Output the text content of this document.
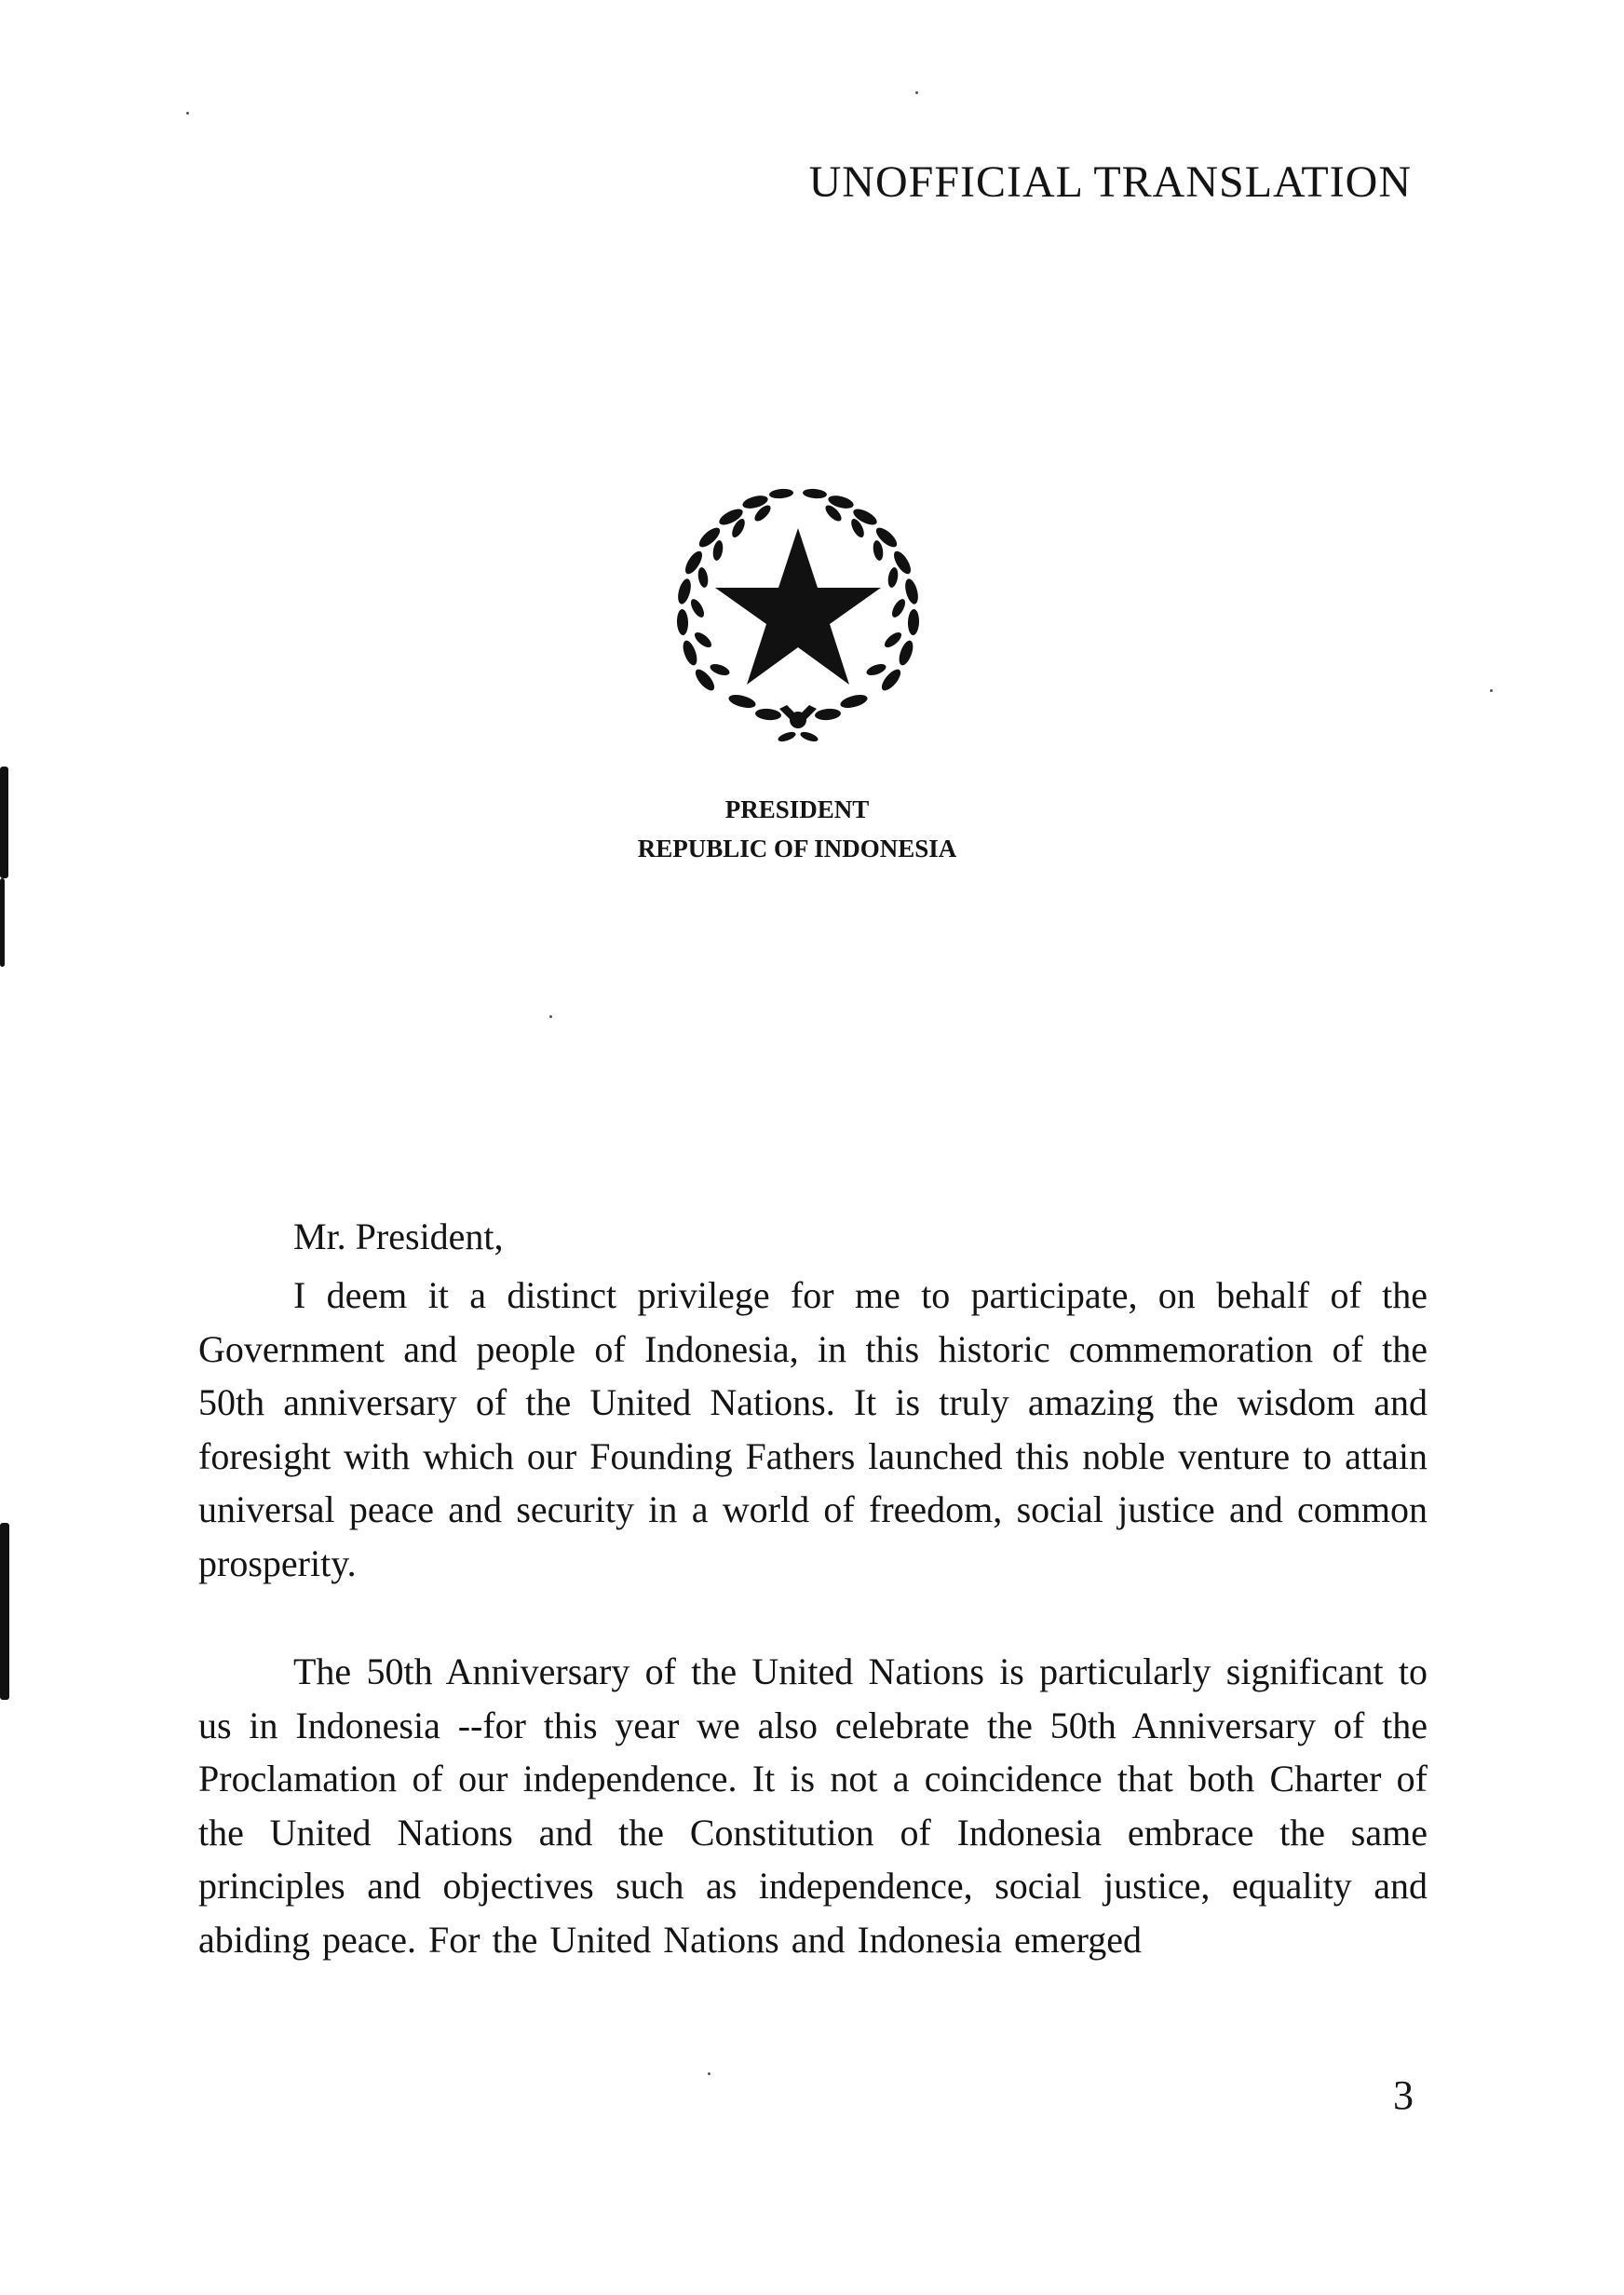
UNOFFICIAL TRANSLATION
PRESIDENT
REPUBLIC OF INDONESIA
Mr. President,

I deem it a distinct privilege for me to participate, on behalf of the Government and people of Indonesia, in this historic commemoration of the 50th anniversary of the United Nations. It is truly amazing the wisdom and foresight with which our Founding Fathers launched this noble venture to attain universal peace and security in a world of freedom, social justice and common prosperity.

The 50th Anniversary of the United Nations is particularly significant to us in Indonesia --for this year we also celebrate the 50th Anniversary of the Proclamation of our independence. It is not a coincidence that both Charter of the United Nations and the Constitution of Indonesia embrace the same principles and objectives such as independence, social justice, equality and abiding peace. For the United Nations and Indonesia emerged

3
